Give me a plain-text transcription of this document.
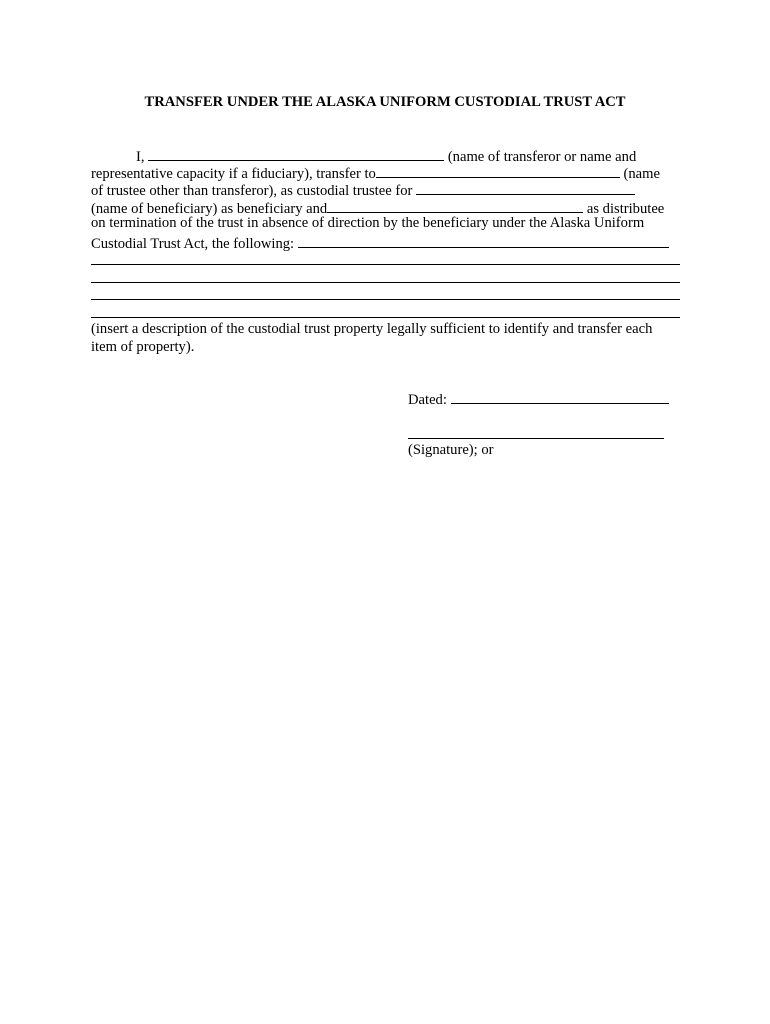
TRANSFER UNDER THE ALASKA UNIFORM CUSTODIAL TRUST ACT
I,	(name of transferor or name and
representative capacity if a fiduciary), transfer to	(name
of trustee other than transferor), as custodial trustee for
(name of beneficiary) as beneficiary and	as distributee
on termination of the trust in absence of direction by the beneficiary under the Alaska Uniform
Custodial Trust Act, the following:
(insert a description of the custodial trust property legally sufficient to identify and transfer each
item of property).
Dated:
(Signature); or
